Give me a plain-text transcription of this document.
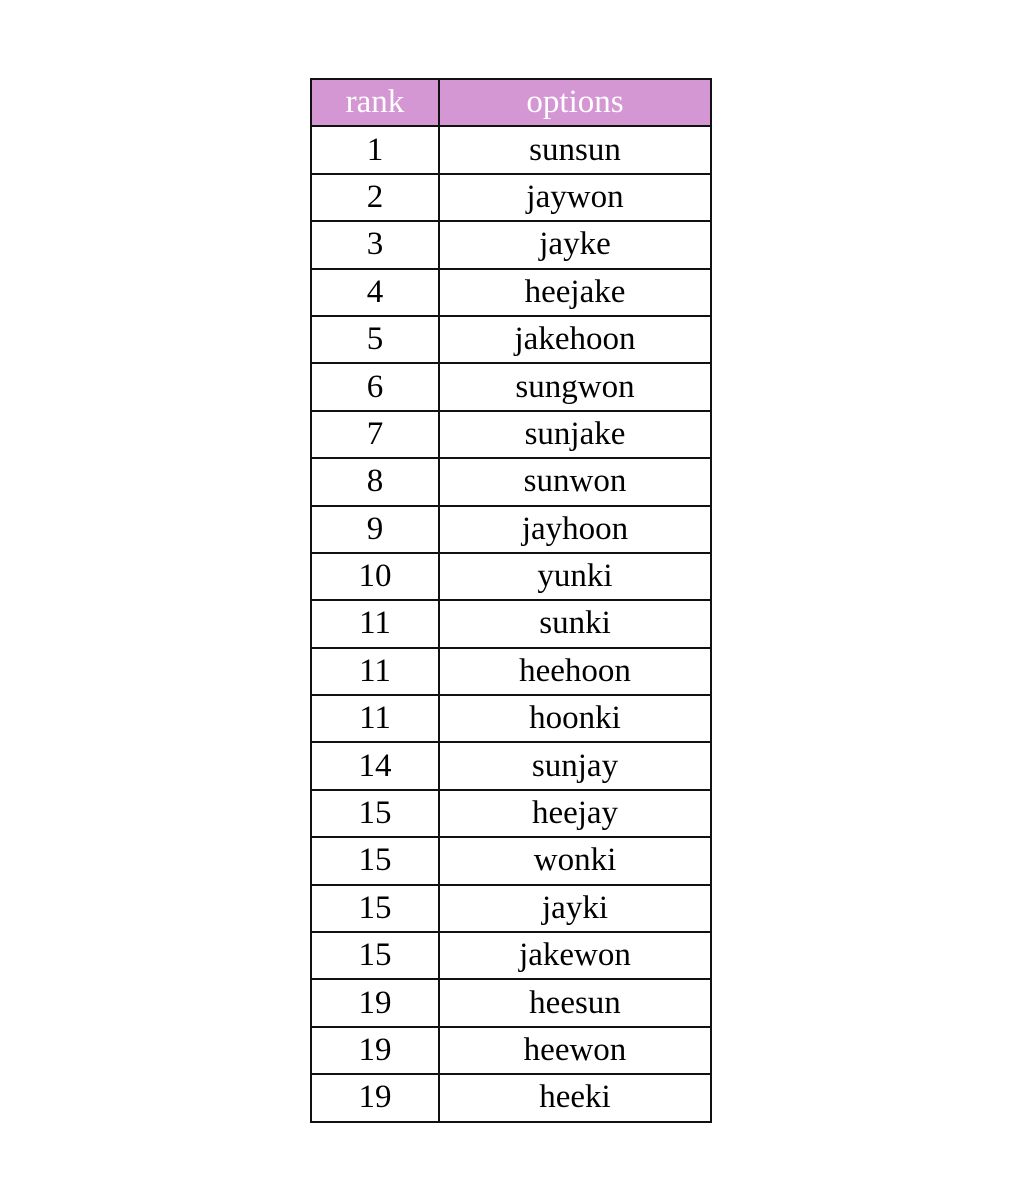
rank	options
1	sunsun
2	jaywon
3	jayke
4	heejake
5	jakehoon
6	sungwon
7	sunjake
8	sunwon
9	jayhoon
10	yunki
11	sunki
11	heehoon
11	hoonki
14	sunjay
15	heejay
15	wonki
15	jayki
15	jakewon
19	heesun
19	heewon
19	heeki
